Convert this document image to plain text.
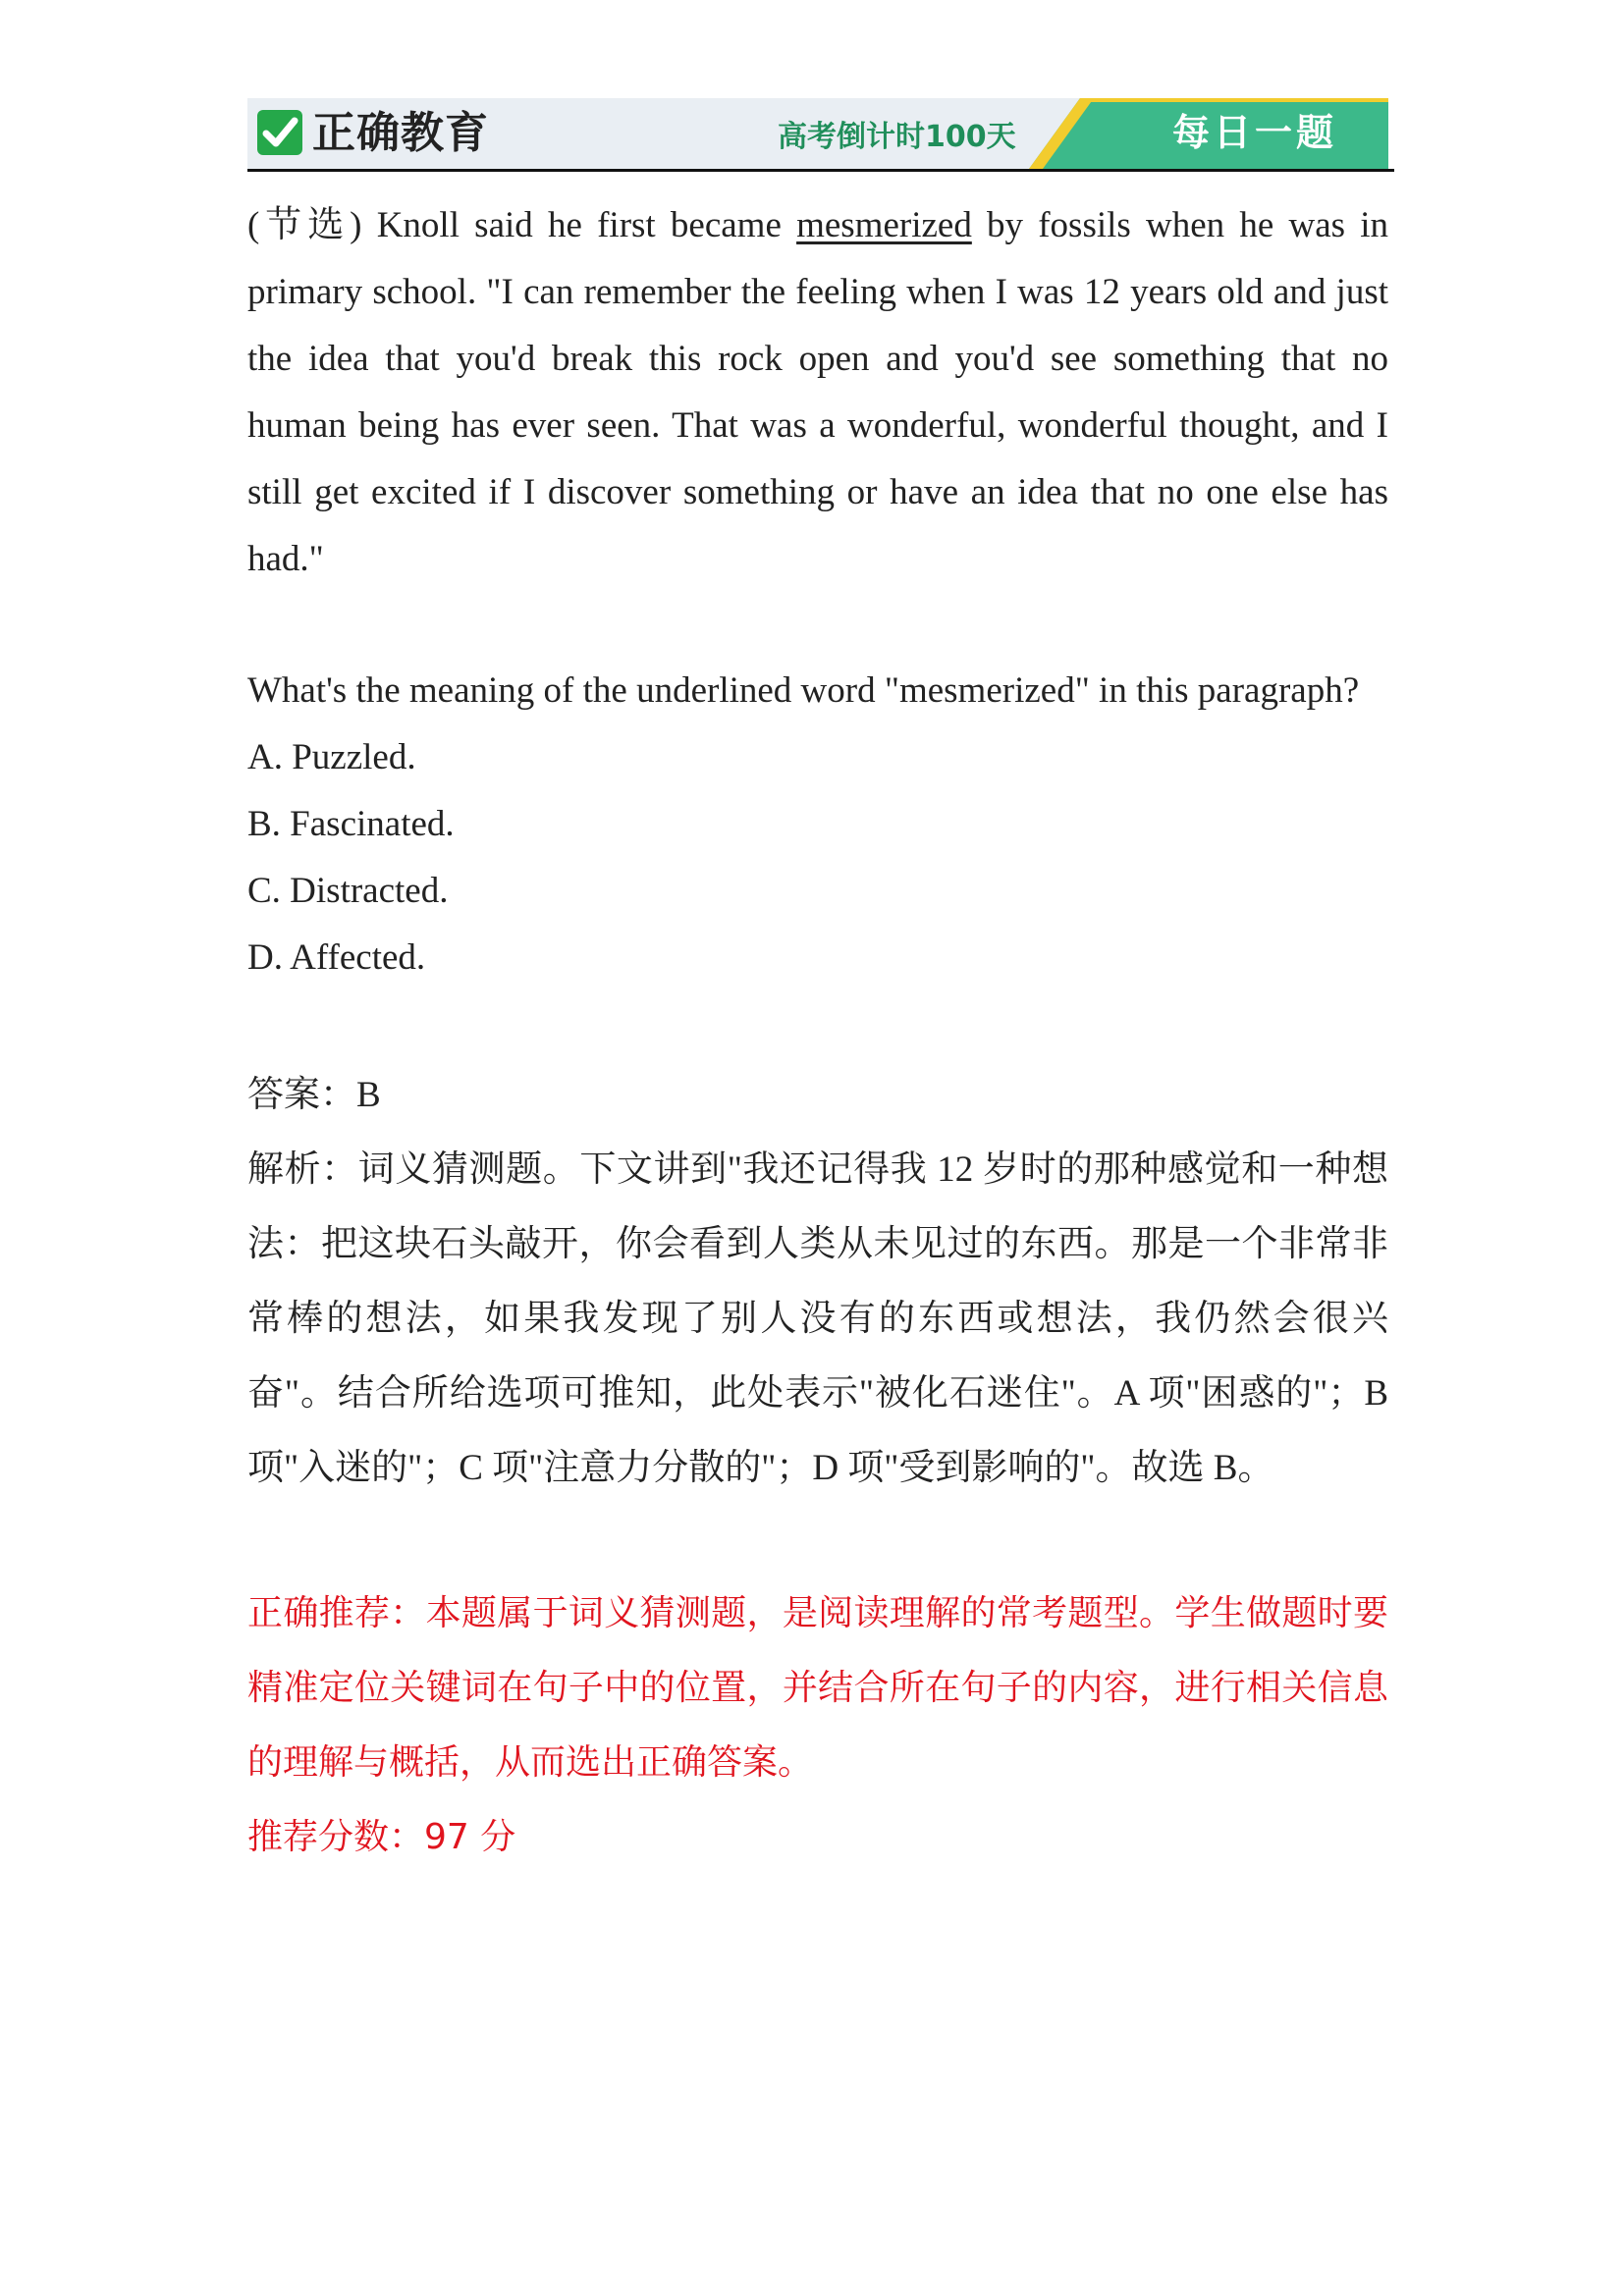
正确教育	高考倒计时100天	每日一题

(节选) Knoll said he first became mesmerized by fossils when he was in primary school. "I can remember the feeling when I was 12 years old and just the idea that you'd break this rock open and you'd see something that no human being has ever seen. That was a wonderful, wonderful thought, and I still get excited if I discover something or have an idea that no one else has had."

What's the meaning of the underlined word "mesmerized" in this paragraph?

A. Puzzled.
B. Fascinated.
C. Distracted.
D. Affected.

答案：B

解析：词义猜测题。下文讲到"我还记得我 12 岁时的那种感觉和一种想法：把这块石头敲开，你会看到人类从未见过的东西。那是一个非常非常棒的想法，如果我发现了别人没有的东西或想法，我仍然会很兴奋"。结合所给选项可推知，此处表示"被化石迷住"。A 项"困惑的"；B 项"入迷的"；C 项"注意力分散的"；D 项"受到影响的"。故选 B。

正确推荐：本题属于词义猜测题，是阅读理解的常考题型。学生做题时要精准定位关键词在句子中的位置，并结合所在句子的内容，进行相关信息的理解与概括，从而选出正确答案。

推荐分数：97 分
